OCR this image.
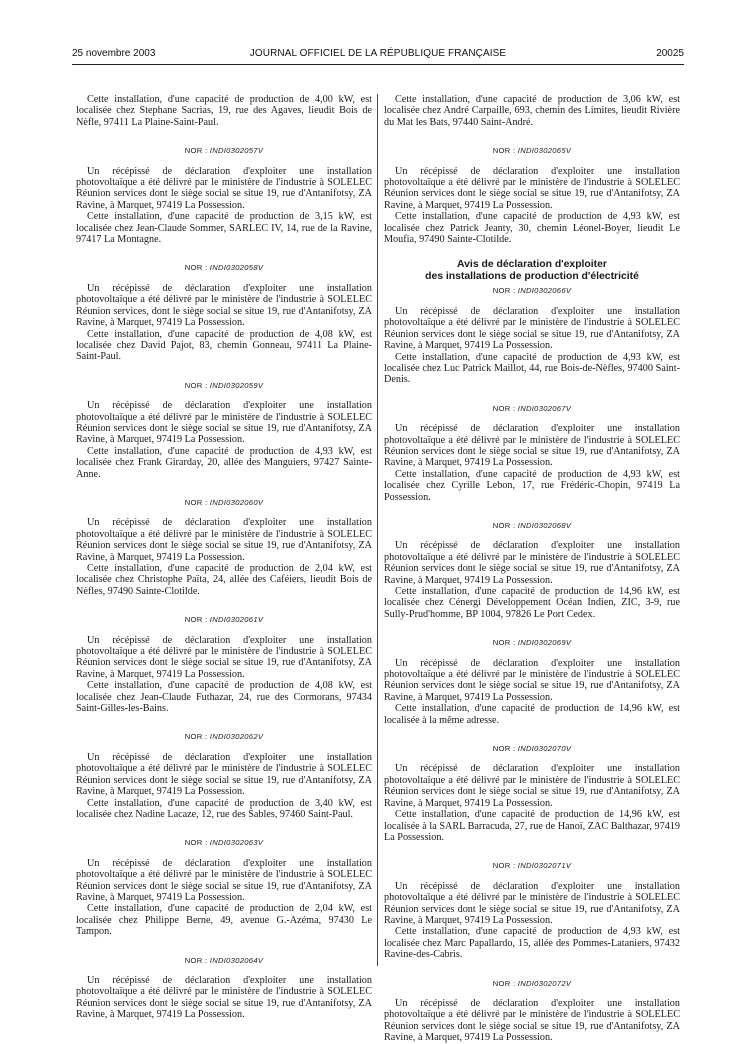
25 novembre 2003	JOURNAL OFFICIEL DE LA RÉPUBLIQUE FRANÇAISE	20025

Cette installation, d'une capacité de production de 4,00 kW, est localisée chez Stephane Sacrias, 19, rue des Agaves, lieudit Bois de Nèfle, 97411 La Plaine-Saint-Paul.

NOR : INDI0302057V

Un récépissé de déclaration d'exploiter une installation photovoltaïque a été délivré par le ministère de l'industrie à SOLELEC Réunion services dont le siège social se situe 19, rue d'Antanifotsy, ZA Ravine, à Marquet, 97419 La Possession.

Cette installation, d'une capacité de production de 3,15 kW, est localisée chez Jean-Claude Sommer, SARLEC IV, 14, rue de la Ravine, 97417 La Montagne.

NOR : INDI0302058V

Un récépissé de déclaration d'exploiter une installation photovoltaïque a été délivré par le ministère de l'industrie à SOLELEC Réunion services, dont le siège social se situe 19, rue d'Antanifotsy, ZA Ravine, à Marquet, 97419 La Possession.

Cette installation, d'une capacité de production de 4,08 kW, est localisée chez David Pajot, 83, chemin Gonneau, 97411 La Plaine-Saint-Paul.

NOR : INDI0302059V

Un récépissé de déclaration d'exploiter une installation photovoltaïque a été délivré par le ministère de l'industrie à SOLELEC Réunion services dont le siège social se situe 19, rue d'Antanifotsy, ZA Ravine, à Marquet, 97419 La Possession.

Cette installation, d'une capacité de production de 4,93 kW, est localisée chez Frank Girarday, 20, allée des Manguiers, 97427 Sainte-Anne.

NOR : INDI0302060V

Un récépissé de déclaration d'exploiter une installation photovoltaïque a été délivré par le ministère de l'industrie à SOLELEC Réunion services dont le siège social se situe 19, rue d'Antanifotsy, ZA Ravine, à Marquet, 97419 La Possession.

Cette installation, d'une capacité de production de 2,04 kW, est localisée chez Christophe Païta, 24, allée des Caféiers, lieudit Bois de Nèfles, 97490 Sainte-Clotilde.

NOR : INDI0302061V

Un récépissé de déclaration d'exploiter une installation photovoltaïque a été délivré par le ministère de l'industrie à SOLELEC Réunion services dont le siège social se situe 19, rue d'Antanifotsy, ZA Ravine, à Marquet, 97419 La Possession.

Cette installation, d'une capacité de production de 4,08 kW, est localisée chez Jean-Claude Futhazar, 24, rue des Cormorans, 97434 Saint-Gilles-les-Bains.

NOR : INDI0302062V

Un récépissé de déclaration d'exploiter une installation photovoltaïque a été délivré par le ministère de l'industrie à SOLELEC Réunion services dont le siège social se situe 19, rue d'Antanifotsy, ZA Ravine, à Marquet, 97419 La Possession.

Cette installation, d'une capacité de production de 3,40 kW, est localisée chez Nadine Lacaze, 12, rue des Sables, 97460 Saint-Paul.

NOR : INDI0302063V

Un récépissé de déclaration d'exploiter une installation photovoltaïque a été délivré par le ministère de l'industrie à SOLELEC Réunion services dont le siège social se situe 19, rue d'Antanifotsy, ZA Ravine, à Marquet, 97419 La Possession.

Cette installation, d'une capacité de production de 2,04 kW, est localisée chez Philippe Berne, 49, avenue G.-Azéma, 97430 Le Tampon.

NOR : INDI0302064V

Un récépissé de déclaration d'exploiter une installation photovoltaïque a été délivré par le ministère de l'industrie à SOLELEC Réunion services dont le siège social se situe 19, rue d'Antanifotsy, ZA Ravine, à Marquet, 97419 La Possession.

Cette installation, d'une capacité de production de 3,06 kW, est localisée chez André Carpaille, 693, chemin des Limites, lieudit Rivière du Mat les Bats, 97440 Saint-André.

NOR : INDI0302065V

Un récépissé de déclaration d'exploiter une installation photovoltaïque a été délivré par le ministère de l'industrie à SOLELEC Réunion services dont le siège social se situe 19, rue d'Antanifotsy, ZA Ravine, à Marquet, 97419 La Possession.

Cette installation, d'une capacité de production de 4,93 kW, est localisée chez Patrick Jeanty, 30, chemin Léonel-Boyer, lieudit Le Moufia, 97490 Sainte-Clotilde.

Avis de déclaration d'exploiter
des installations de production d'électricité
NOR : INDI0302066V

Un récépissé de déclaration d'exploiter une installation photovoltaïque a été délivré par le ministère de l'industrie à SOLELEC Réunion services dont le siège social se situe 19, rue d'Antanifotsy, ZA Ravine, à Marquet, 97419 La Possession.

Cette installation, d'une capacité de production de 4,93 kW, est localisée chez Luc Patrick Maillot, 44, rue Bois-de-Nèfles, 97400 Saint-Denis.

NOR : INDI0302067V

Un récépissé de déclaration d'exploiter une installation photovoltaïque a été délivré par le ministère de l'industrie à SOLELEC Réunion services dont le siège social se situe 19, rue d'Antanifotsy, ZA Ravine, à Marquet, 97419 La Possession.

Cette installation, d'une capacité de production de 4,93 kW, est localisée chez Cyrille Lebon, 17, rue Frédéric-Chopin, 97419 La Possession.

NOR : INDI0302068V

Un récépissé de déclaration d'exploiter une installation photovoltaïque a été délivré par le ministère de l'industrie à SOLELEC Réunion services dont le siège social se situe 19, rue d'Antanifotsy, ZA Ravine, à Marquet, 97419 La Possession.

Cette installation, d'une capacité de production de 14,96 kW, est localisée chez Cénergi Développement Océan Indien, ZIC, 3-9, rue Sully-Prud'homme, BP 1004, 97826 Le Port Cedex.

NOR : INDI0302069V

Un récépissé de déclaration d'exploiter une installation photovoltaïque a été délivré par le ministère de l'industrie à SOLELEC Réunion services dont le siège social se situe 19, rue d'Antanifotsy, ZA Ravine, à Marquet, 97419 La Possession.

Cette installation, d'une capacité de production de 14,96 kW, est localisée à la même adresse.

NOR : INDI0302070V

Un récépissé de déclaration d'exploiter une installation photovoltaïque a été délivré par le ministère de l'industrie à SOLELEC Réunion services dont le siège social se situe 19, rue d'Antanifotsy, ZA Ravine, à Marquet, 97419 La Possession.

Cette installation, d'une capacité de production de 14,96 kW, est localisée à la SARL Barracuda, 27, rue de Hanoï, ZAC Balthazar, 97419 La Possession.

NOR : INDI0302071V

Un récépissé de déclaration d'exploiter une installation photovoltaïque a été délivré par le ministère de l'industrie à SOLELEC Réunion services dont le siège social se situe 19, rue d'Antanifotsy, ZA Ravine, à Marquet, 97419 La Possession.

Cette installation, d'une capacité de production de 4,93 kW, est localisée chez Marc Papallardo, 15, allée des Pommes-Lataniers, 97432 Ravine-des-Cabris.

NOR : INDI0302072V

Un récépissé de déclaration d'exploiter une installation photovoltaïque a été délivré par le ministère de l'industrie à SOLELEC Réunion services dont le siège social se situe 19, rue d'Antanifotsy, ZA Ravine, à Marquet, 97419 La Possession.
